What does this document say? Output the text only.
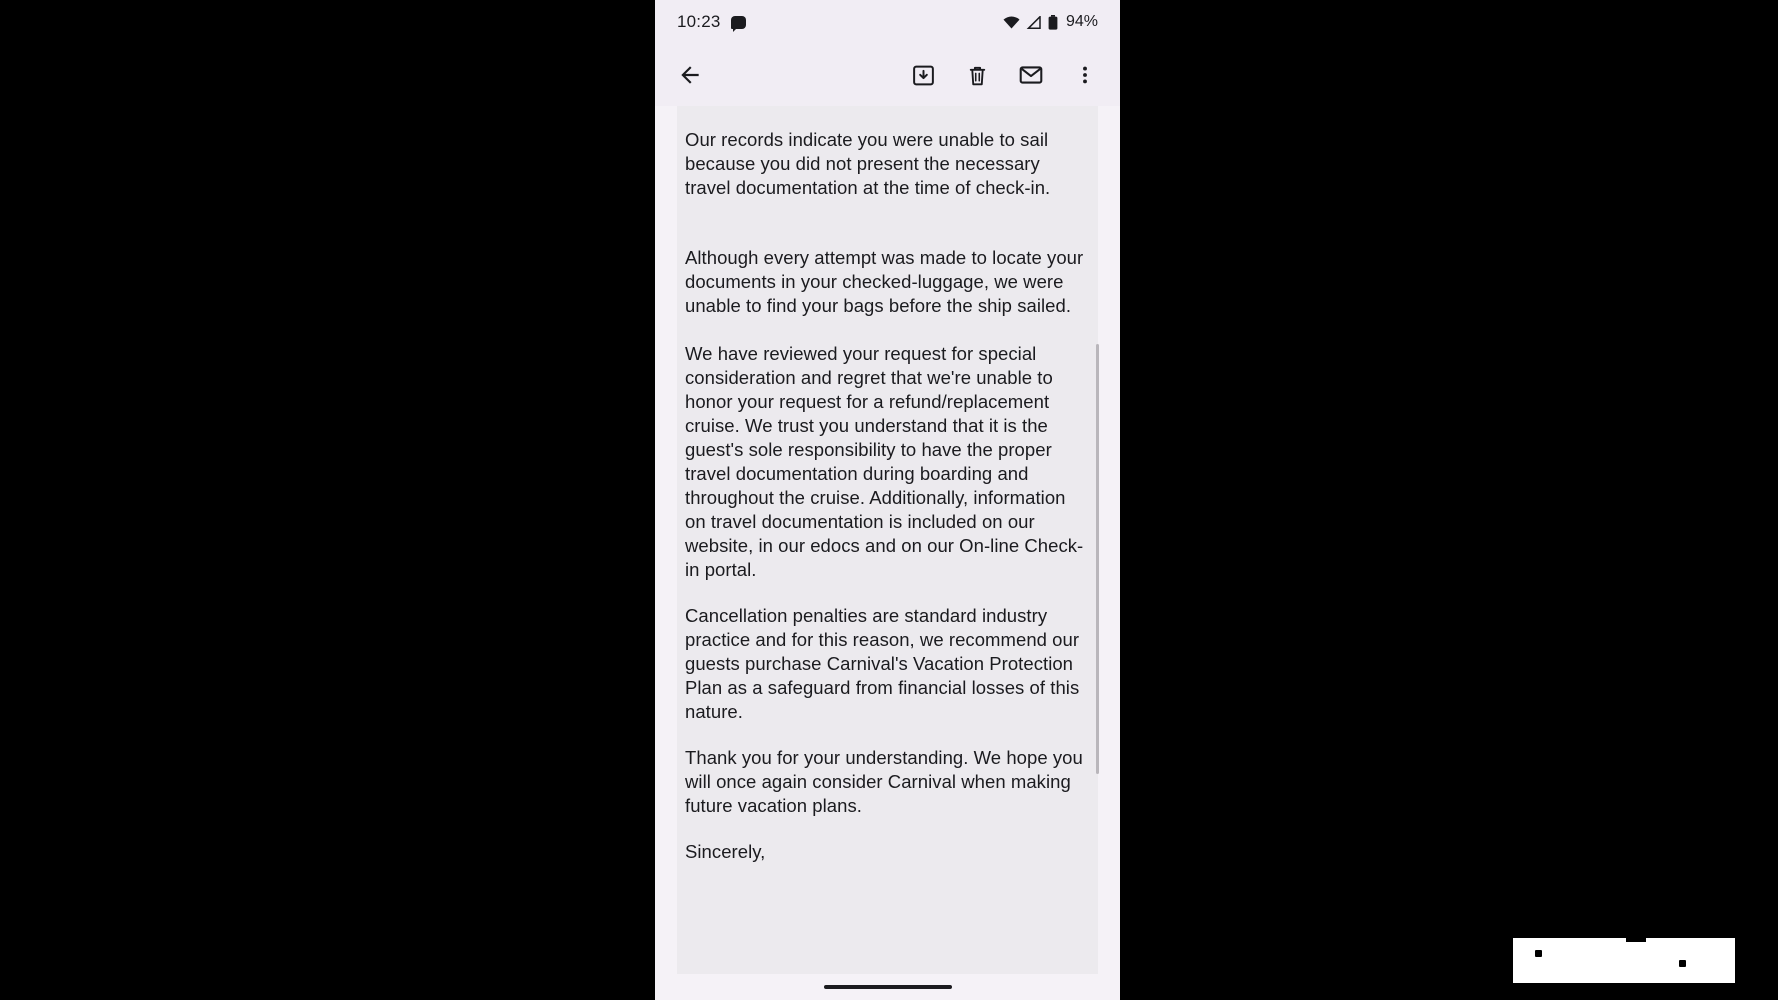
10:23	94%

Our records indicate you were unable to sail because you did not present the necessary travel documentation at the time of check-in.

Although every attempt was made to locate your documents in your checked-luggage, we were unable to find your bags before the ship sailed.

We have reviewed your request for special consideration and regret that we're unable to honor your request for a refund/replacement cruise. We trust you understand that it is the guest's sole responsibility to have the proper travel documentation during boarding and throughout the cruise. Additionally, information on travel documentation is included on our website, in our edocs and on our On-line Check-in portal.

Cancellation penalties are standard industry practice and for this reason, we recommend our guests purchase Carnival's Vacation Protection Plan as a safeguard from financial losses of this nature.

Thank you for your understanding. We hope you will once again consider Carnival when making future vacation plans.

Sincerely,
